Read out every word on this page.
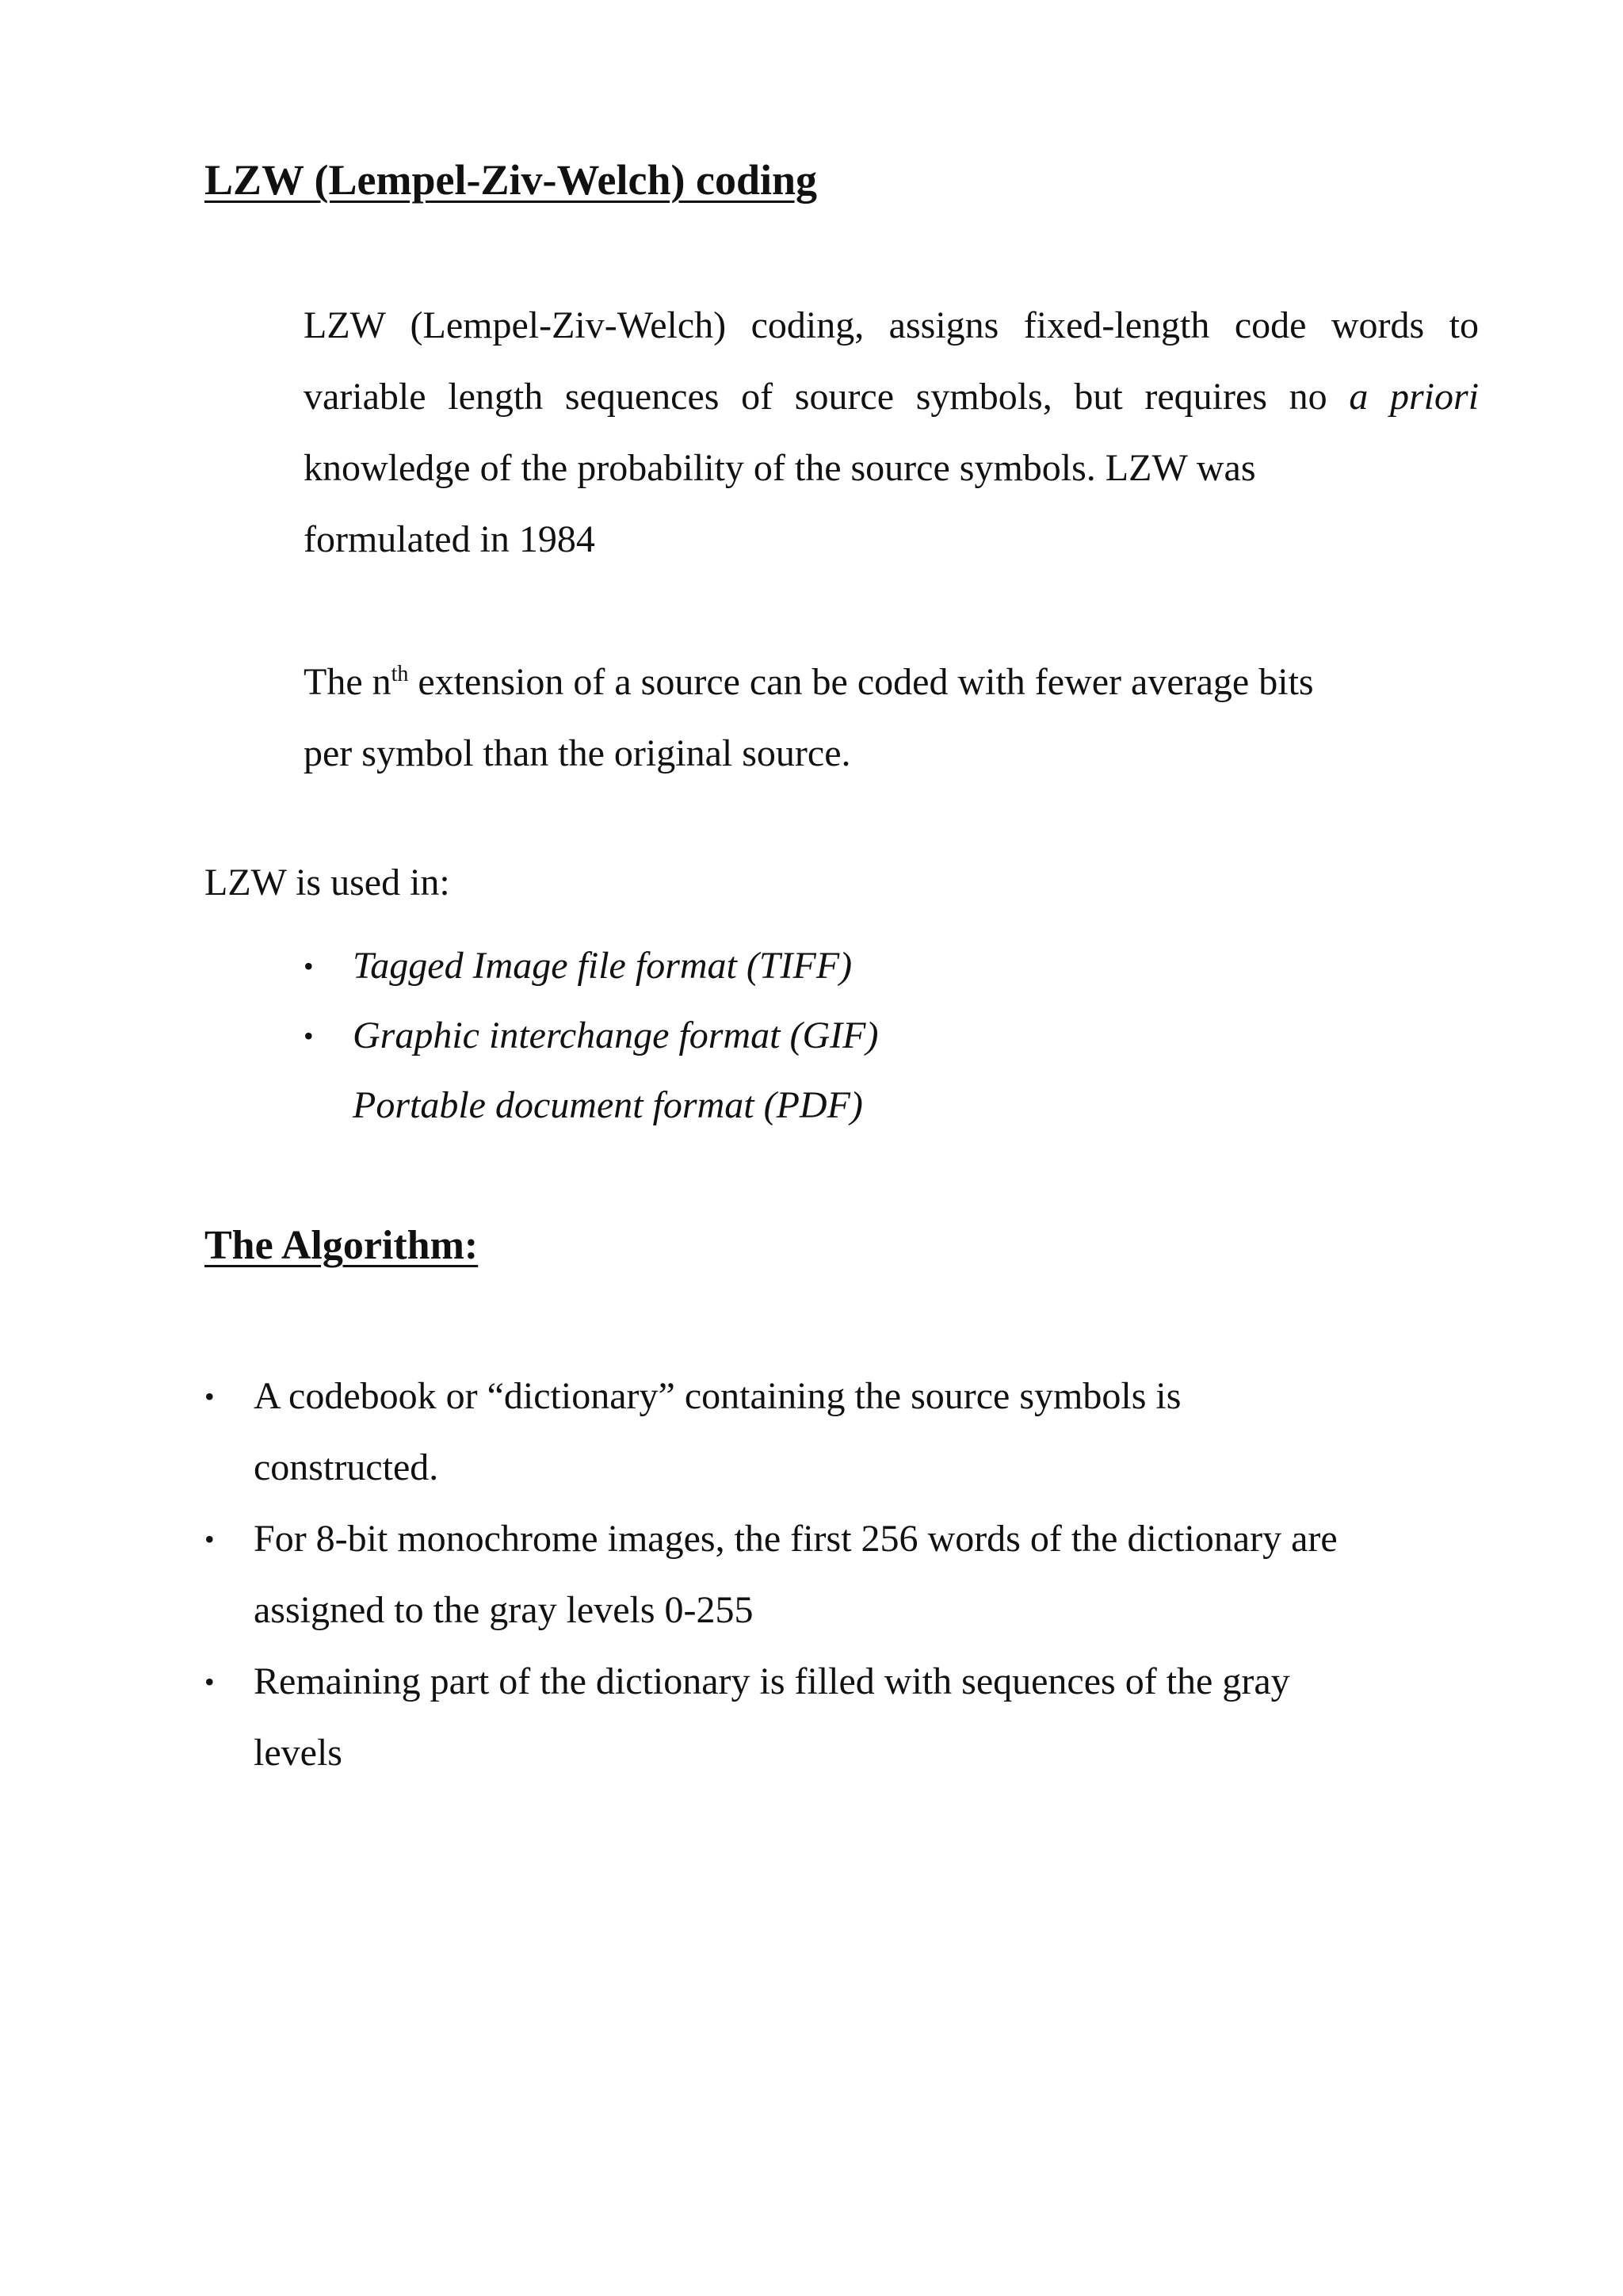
LZW (Lempel-Ziv-Welch) coding

LZW (Lempel-Ziv-Welch) coding, assigns fixed-length code words to variable length sequences of source symbols, but requires no a priori knowledge of the probability of the source symbols. LZW was
formulated in 1984

The $n^{th}$ extension of a source can be coded with fewer average bits
per symbol than the original source.

LZW is used in:

• Tagged Image file format (TIFF)
• Graphic interchange format (GIF)
Portable document format (PDF)
The Algorithm:
• A codebook or “dictionary” containing the source symbols is
constructed.
• For 8-bit monochrome images, the first 256 words of the dictionary are
assigned to the gray levels 0-255
• Remaining part of the dictionary is filled with sequences of the gray
levels
